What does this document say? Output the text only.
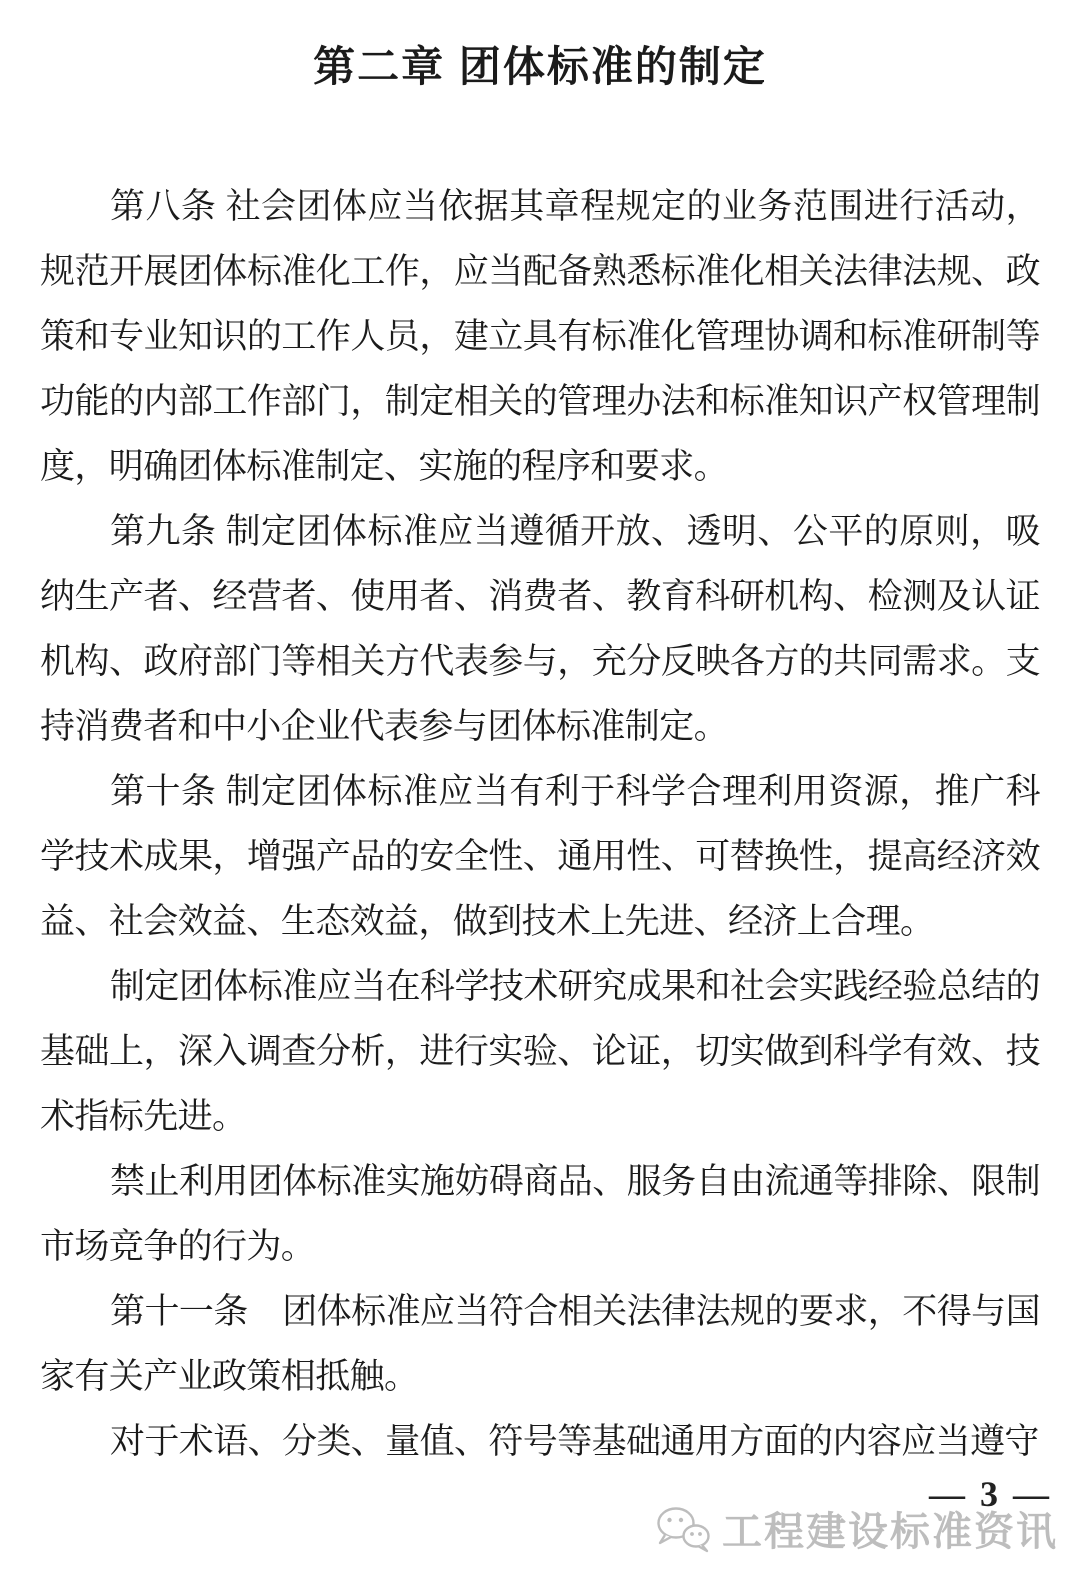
第二章 团体标准的制定

第八条 社会团体应当依据其章程规定的业务范围进行活动，规范开展团体标准化工作，应当配备熟悉标准化相关法律法规、政策和专业知识的工作人员，建立具有标准化管理协调和标准研制等功能的内部工作部门，制定相关的管理办法和标准知识产权管理制度，明确团体标准制定、实施的程序和要求。

第九条 制定团体标准应当遵循开放、透明、公平的原则，吸纳生产者、经营者、使用者、消费者、教育科研机构、检测及认证机构、政府部门等相关方代表参与，充分反映各方的共同需求。支持消费者和中小企业代表参与团体标准制定。

第十条 制定团体标准应当有利于科学合理利用资源，推广科学技术成果，增强产品的安全性、通用性、可替换性，提高经济效益、社会效益、生态效益，做到技术上先进、经济上合理。

制定团体标准应当在科学技术研究成果和社会实践经验总结的基础上，深入调查分析，进行实验、论证，切实做到科学有效、技术指标先进。

禁止利用团体标准实施妨碍商品、服务自由流通等排除、限制市场竞争的行为。

第十一条　团体标准应当符合相关法律法规的要求，不得与国家有关产业政策相抵触。

对于术语、分类、量值、符号等基础通用方面的内容应当遵守

— 3 —
工程建设标准资讯
